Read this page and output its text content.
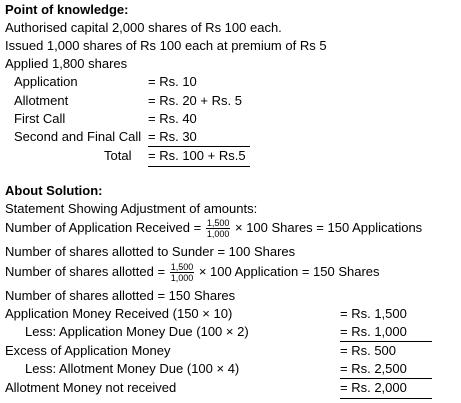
Point of knowledge:
Authorised capital 2,000 shares of Rs 100 each.
Issued 1,000 shares of Rs 100 each at premium of Rs 5
Applied 1,800 shares
Application	= Rs. 10
Allotment	= Rs. 20 + Rs. 5
First Call	= Rs. 40
Second and Final Call = Rs. 30
Total = Rs. 100 + Rs.5
About Solution:
Statement Showing Adjustment of amounts:
Number of Application Received = $\frac{1,500}{1,000} \times 100$ Shares = 150 Applications
Number of shares allotted to Sunder = 100 Shares
Number of shares allotted = $\frac{1,500}{1,000} \times 100$ Application = 150 Shares
Number of shares allotted = 150 Shares
Application Money Received (150 × 10)	= Rs. 1,500
Less: Application Money Due (100 × 2)	= Rs. 1,000
Excess of Application Money	= Rs. 500
Less: Allotment Money Due (100 × 4)	= Rs. 2,500
Allotment Money not received	= Rs. 2,000
